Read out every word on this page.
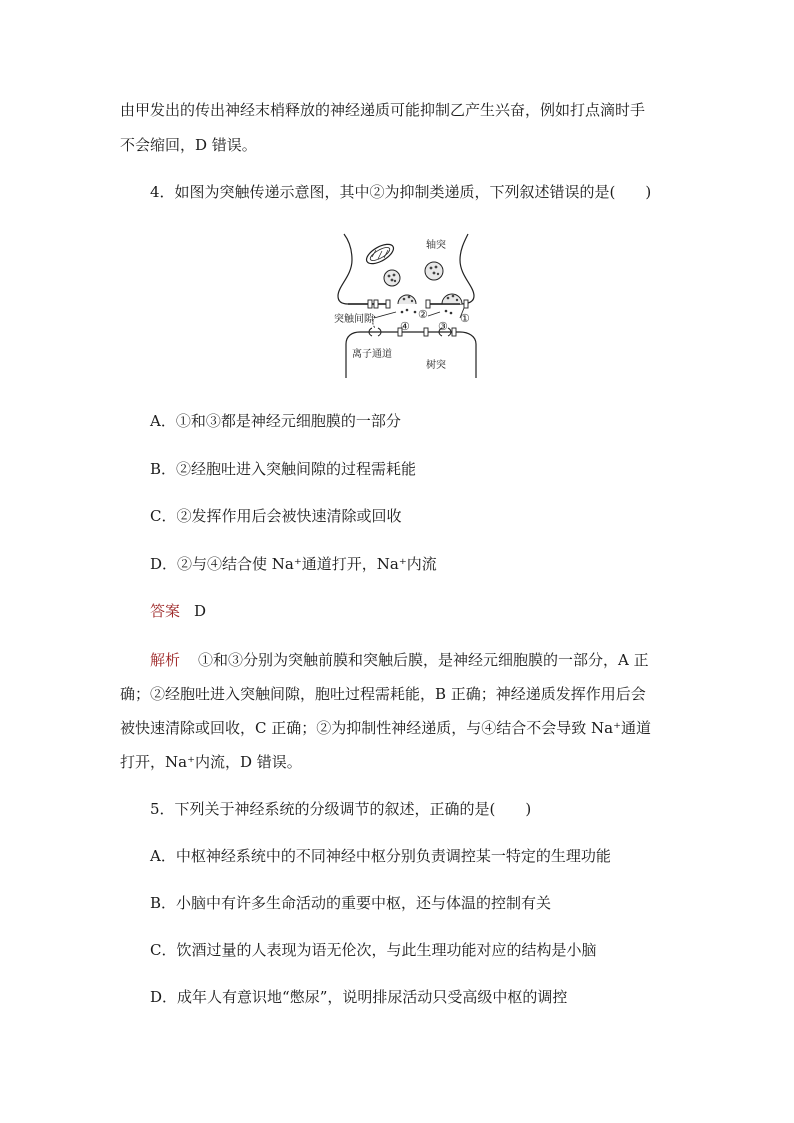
由甲发出的传出神经末梢释放的神经递质可能抑制乙产生兴奋，例如打点滴时手
不会缩回，D 错误。
4．如图为突触传递示意图，其中②为抑制类递质，下列叙述错误的是(　　)
轴突
突触间隙
离子通道
树突
①
②
③
④
A．①和③都是神经元细胞膜的一部分
B．②经胞吐进入突触间隙的过程需耗能
C．②发挥作用后会被快速清除或回收
D．②与④结合使 Na⁺通道打开，Na⁺内流
答案 D
解析 ①和③分别为突触前膜和突触后膜，是神经元细胞膜的一部分，A 正
确；②经胞吐进入突触间隙，胞吐过程需耗能，B 正确；神经递质发挥作用后会
被快速清除或回收，C 正确；②为抑制性神经递质，与④结合不会导致 Na⁺通道
打开，Na⁺内流，D 错误。
5．下列关于神经系统的分级调节的叙述，正确的是(　　)
A．中枢神经系统中的不同神经中枢分别负责调控某一特定的生理功能
B．小脑中有许多生命活动的重要中枢，还与体温的控制有关
C．饮酒过量的人表现为语无伦次，与此生理功能对应的结构是小脑
D．成年人有意识地“憋尿”，说明排尿活动只受高级中枢的调控
